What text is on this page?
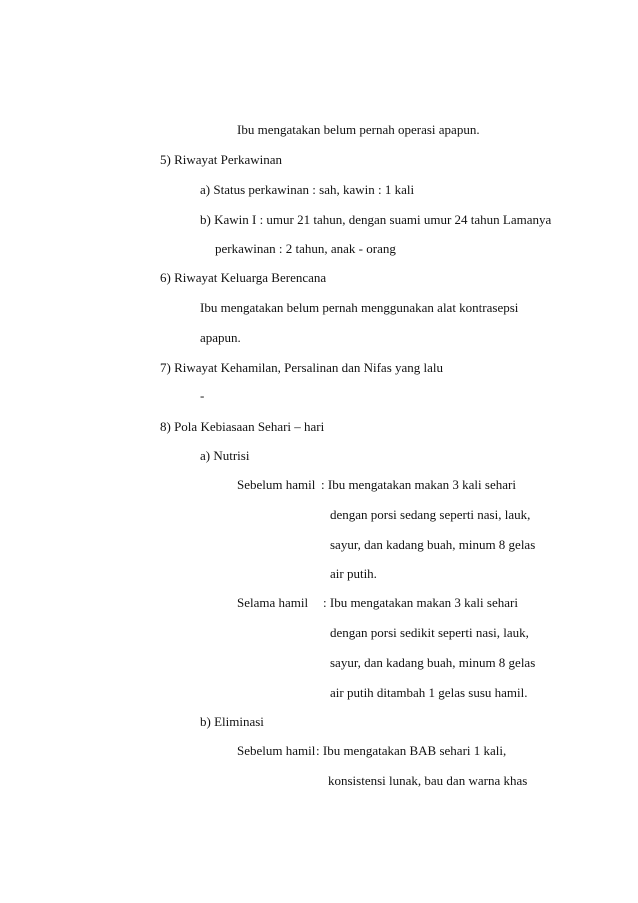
Ibu mengatakan belum pernah operasi apapun.
5) Riwayat Perkawinan
a) Status perkawinan : sah, kawin : 1 kali
b) Kawin I : umur 21 tahun, dengan suami umur 24 tahun Lamanya
perkawinan : 2 tahun, anak - orang
6) Riwayat Keluarga Berencana
Ibu mengatakan belum pernah menggunakan alat kontrasepsi
apapun.
7) Riwayat Kehamilan, Persalinan dan Nifas yang lalu
-
8) Pola Kebiasaan Sehari – hari
a) Nutrisi
Sebelum hamil : Ibu mengatakan makan 3 kali sehari
dengan porsi sedang seperti nasi, lauk,
sayur, dan kadang buah, minum 8 gelas
air putih.
Selama hamil : Ibu mengatakan makan 3 kali sehari
dengan porsi sedikit seperti nasi, lauk,
sayur, dan kadang buah, minum 8 gelas
air putih ditambah 1 gelas susu hamil.
b) Eliminasi
Sebelum hamil : Ibu mengatakan BAB sehari 1 kali,
konsistensi lunak, bau dan warna khas
